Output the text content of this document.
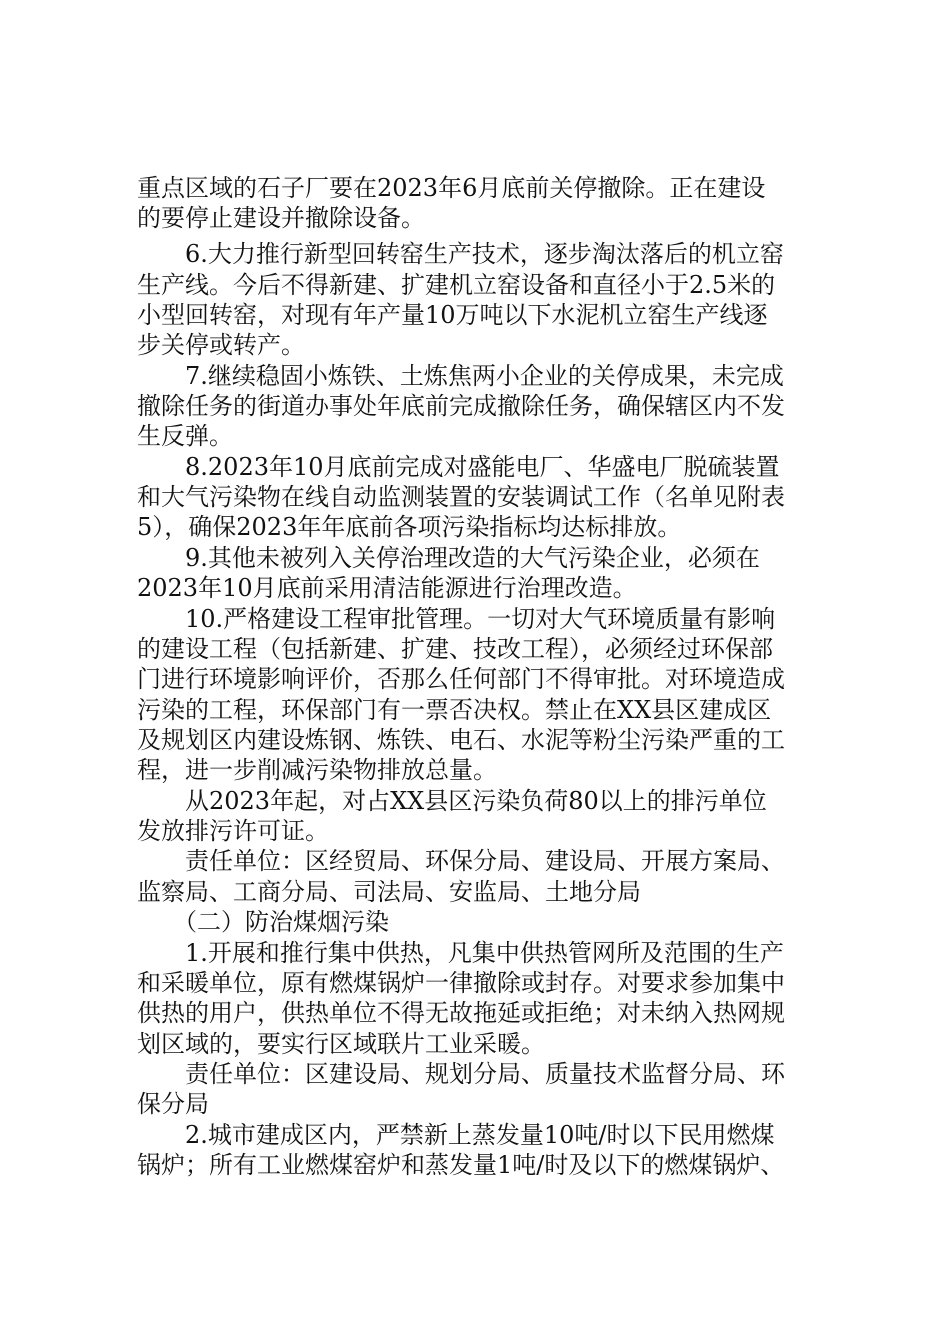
重点区域的石子厂要在2023年6月底前关停撤除。正在建设
的要停止建设并撤除设备。
6.大力推行新型回转窑生产技术，逐步淘汰落后的机立窑
生产线。今后不得新建、扩建机立窑设备和直径小于2.5米的
小型回转窑，对现有年产量10万吨以下水泥机立窑生产线逐
步关停或转产。
7.继续稳固小炼铁、土炼焦两小企业的关停成果，未完成
撤除任务的街道办事处年底前完成撤除任务，确保辖区内不发
生反弹。
8.2023年10月底前完成对盛能电厂、华盛电厂脱硫装置
和大气污染物在线自动监测装置的安装调试工作（名单见附表
5），确保2023年年底前各项污染指标均达标排放。
9.其他未被列入关停治理改造的大气污染企业，必须在
2023年10月底前采用清洁能源进行治理改造。
10.严格建设工程审批管理。一切对大气环境质量有影响
的建设工程（包括新建、扩建、技改工程），必须经过环保部
门进行环境影响评价，否那么任何部门不得审批。对环境造成
污染的工程，环保部门有一票否决权。禁止在XX县区建成区
及规划区内建设炼钢、炼铁、电石、水泥等粉尘污染严重的工
程，进一步削减污染物排放总量。
从2023年起，对占XX县区污染负荷80以上的排污单位
发放排污许可证。
责任单位：区经贸局、环保分局、建设局、开展方案局、
监察局、工商分局、司法局、安监局、土地分局
（二）防治煤烟污染
1.开展和推行集中供热，凡集中供热管网所及范围的生产
和采暖单位，原有燃煤锅炉一律撤除或封存。对要求参加集中
供热的用户，供热单位不得无故拖延或拒绝；对未纳入热网规
划区域的，要实行区域联片工业采暖。
责任单位：区建设局、规划分局、质量技术监督分局、环
保分局
2.城市建成区内，严禁新上蒸发量10吨/时以下民用燃煤
锅炉；所有工业燃煤窑炉和蒸发量1吨/时及以下的燃煤锅炉、
